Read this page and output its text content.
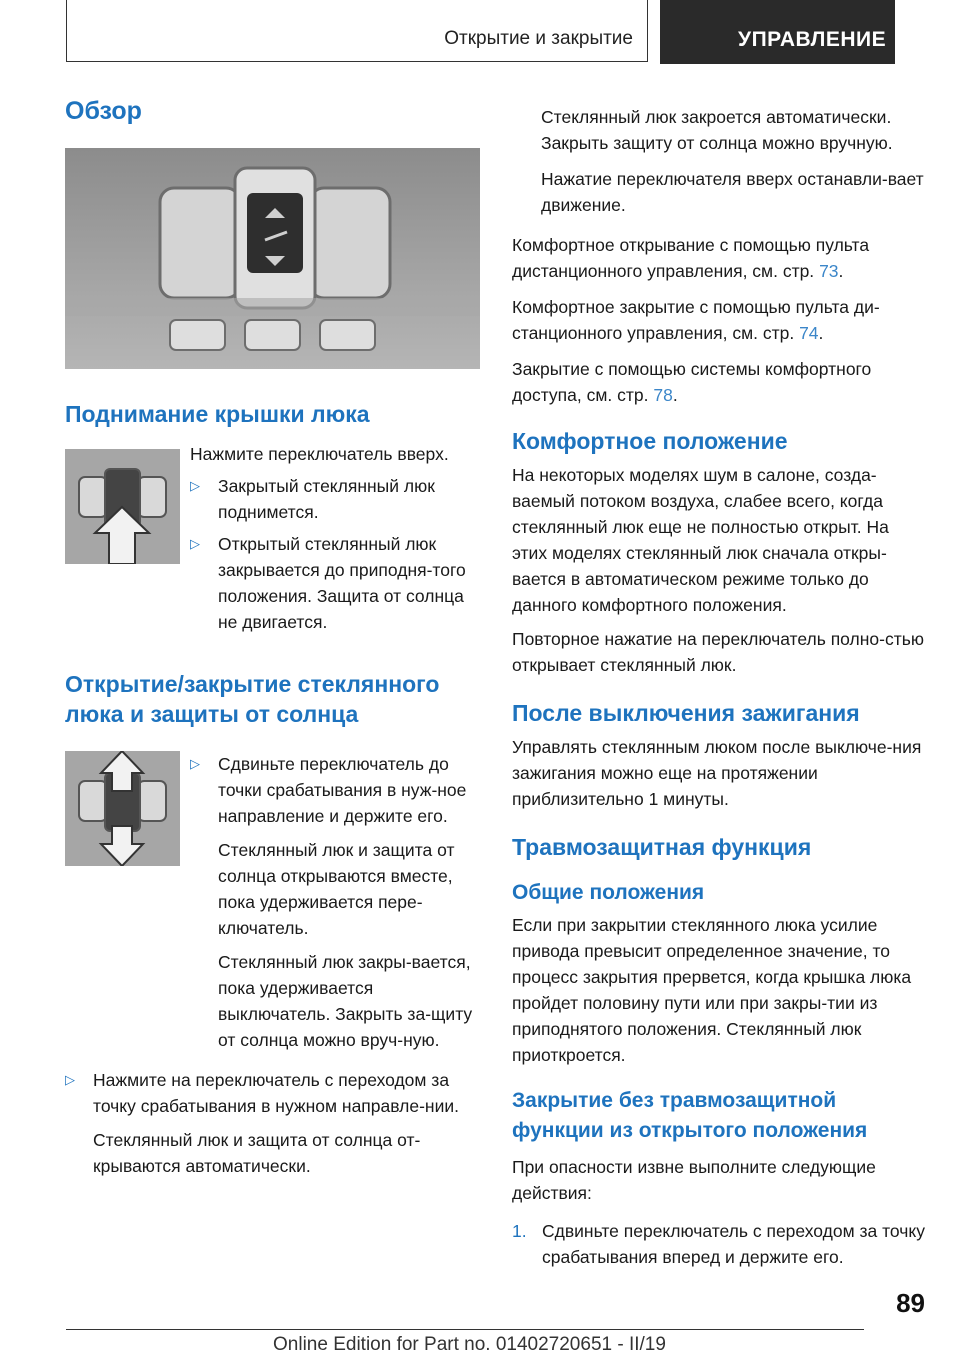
Открытие и закрытие	УПРАВЛЕНИЕ
Обзор
Поднимание крышки люка

Нажмите переключатель вверх.

▷	Закрытый стеклянный люк поднимется.

▷	Открытый стеклянный люк закрывается до приподня-того положения. Защита от солнца не двигается.

Открытие/закрытие стеклянного люка и защиты от солнца
▷	Сдвиньте переключатель до точки срабатывания в нуж-ное направление и держите его.

Стеклянный люк и защита от солнца открываются вместе, пока удерживается пере-ключатель.

Стеклянный люк закры-вается, пока удерживается выключатель. Закрыть за-щиту от солнца можно вруч-ную.

▷	Нажмите на переключатель с переходом за точку срабатывания в нужном направле-нии.

Стеклянный люк и защита от солнца от-крываются автоматически.

Стеклянный люк закроется автоматически. Закрыть защиту от солнца можно вручную.

Нажатие переключателя вверх останавли-вает движение.

Комфортное открывание с помощью пульта дистанционного управления, см. стр. 73.

Комфортное закрытие с помощью пульта ди-станционного управления, см. стр. 74.

Закрытие с помощью системы комфортного доступа, см. стр. 78.

Комфортное положение

На некоторых моделях шум в салоне, созда-ваемый потоком воздуха, слабее всего, когда стеклянный люк еще не полностью открыт. На этих моделях стеклянный люк сначала откры-вается в автоматическом режиме только до данного комфортного положения.

Повторное нажатие на переключатель полно-стью открывает стеклянный люк.

После выключения зажигания

Управлять стеклянным люком после выключе-ния зажигания можно еще на протяжении приблизительно 1 минуты.

Травмозащитная функция
Общие положения

Если при закрытии стеклянного люка усилие привода превысит определенное значение, то процесс закрытия прервется, когда крышка люка пройдет половину пути или при закры-тии из приподнятого положения. Стеклянный люк приоткроется.

Закрытие без травмозащитной функции из открытого положения

При опасности извне выполните следующие действия:

1. Сдвиньте переключатель с переходом за точку срабатывания вперед и держите его.

89
Online Edition for Part no. 01402720651 - II/19
